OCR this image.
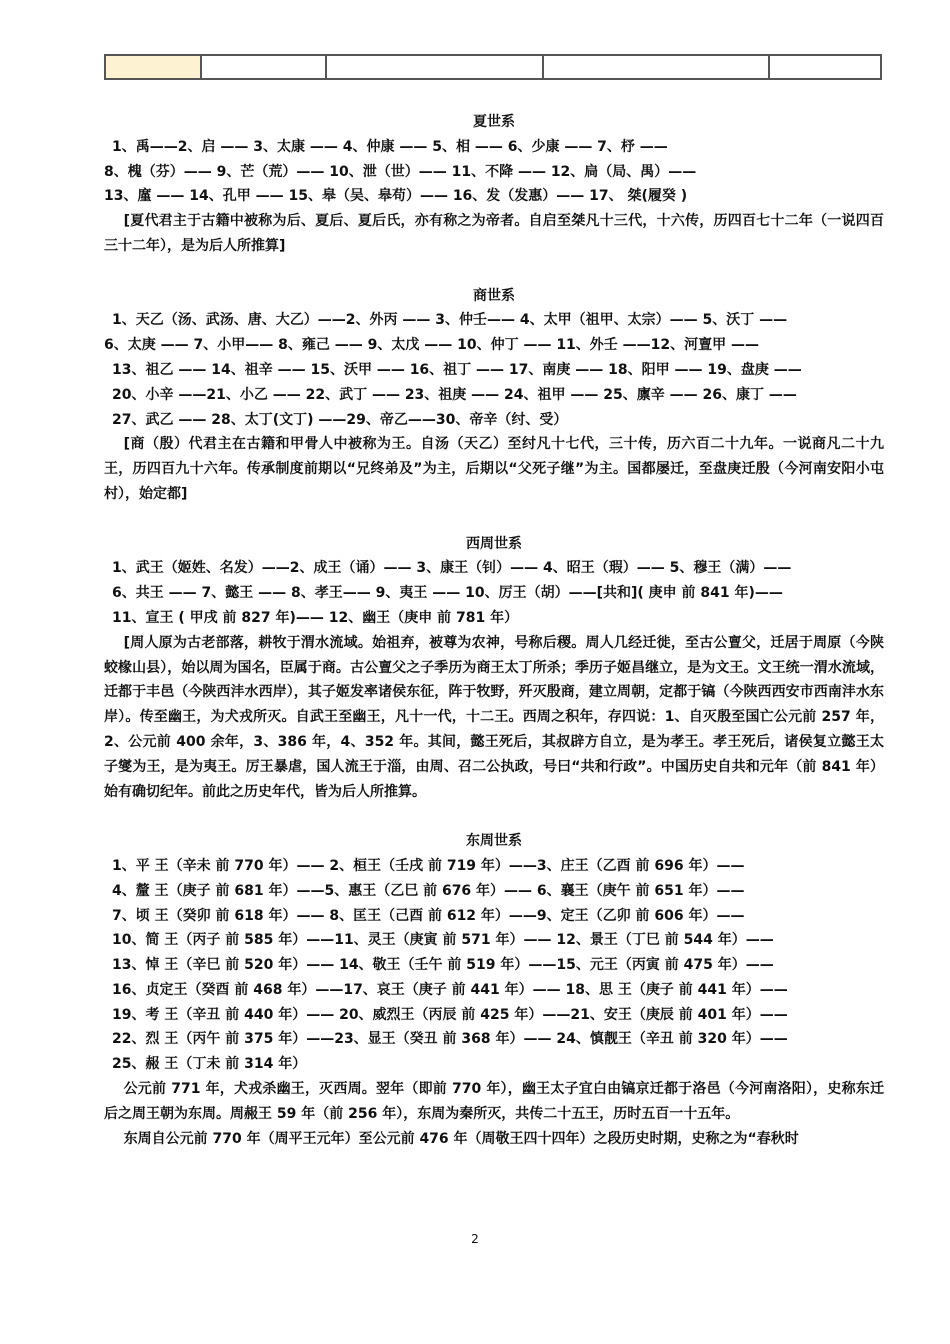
夏世系
1、禹——2、启 —— 3、太康 —— 4、仲康 —— 5、相 —— 6、少康 —— 7、杼 ——
8、槐（芬）—— 9、芒（荒）—— 10、泄（世）—— 11、不降 —— 12、扃（局、禺）——
13、廑 —— 14、孔甲 —— 15、皋（吴、皋苟）—— 16、发（发惠）—— 17、 桀(履癸 )

[夏代君主于古籍中被称为后、夏后、夏后氏，亦有称之为帝者。自启至桀凡十三代，十六传，历四百七十二年（一说四百三十二年），是为后人所推算]

商世系
1、天乙（汤、武汤、唐、大乙）——2、外丙 —— 3、仲壬—— 4、太甲（祖甲、太宗）—— 5、沃丁 ——
6、太庚 —— 7、小甲—— 8、雍己 —— 9、太戊 —— 10、仲丁 —— 11、外壬 ——12、河亶甲 ——
13、祖乙 —— 14、祖辛 —— 15、沃甲 —— 16、祖丁 —— 17、南庚 —— 18、阳甲 —— 19、盘庚 ——
20、小辛 ——21、小乙 —— 22、武丁 —— 23、祖庚 —— 24、祖甲 —— 25、廪辛 —— 26、康丁 ——
27、武乙 —— 28、太丁(文丁) ——29、帝乙——30、帝辛（纣、受）

[商（殷）代君主在古籍和甲骨人中被称为王。自汤（天乙）至纣凡十七代，三十传，历六百二十九年。一说商凡二十九王，历四百九十六年。传承制度前期以“兄终弟及”为主，后期以“父死子继”为主。国都屡迁，至盘庚迁殷（今河南安阳小屯村），始定都]

西周世系
1、武王（姬姓、名发）——2、成王（诵）—— 3、康王（钊）—— 4、昭王（瑕）—— 5、穆王（满）——
6、共王 —— 7、懿王 —— 8、孝王—— 9、夷王 —— 10、厉王（胡）——[共和]( 庚申 前 841 年)——
11、宣王 ( 甲戌 前 827 年)—— 12、幽王（庚申 前 781 年）

[周人原为古老部落，耕牧于渭水流域。始祖弃，被尊为农神，号称后稷。周人几经迁徙，至古公亶父，迁居于周原（今陕蛟椽山县），始以周为国名，臣属于商。古公亶父之子季历为商王太丁所杀；季历子姬昌继立，是为文王。文王统一渭水流域，迁都于丰邑（今陕西沣水西岸），其子姬发率诸侯东征，阵于牧野，歼灭殷商，建立周朝，定都于镐（今陕西西安市西南沣水东岸）。传至幽王，为犬戎所灭。自武王至幽王，凡十一代，十二王。西周之积年，存四说：1、自灭殷至国亡公元前 257 年，2、公元前 400 余年，3、386 年，4、352 年。其间，懿王死后，其叔辟方自立，是为孝王。孝王死后，诸侯复立懿王太子燮为王，是为夷王。厉王暴虐，国人流王于淄，由周、召二公执政，号曰“共和行政”。中国历史自共和元年（前 841 年）始有确切纪年。前此之历史年代，皆为后人所推算。

东周世系
1、平 王（辛未 前 770 年）—— 2、桓王（壬戌 前 719 年）——3、庄王（乙酉 前 696 年）——
4、釐 王（庚子 前 681 年）——5、惠王（乙巳 前 676 年）—— 6、襄王（庚午 前 651 年）——
7、顷 王（癸卯 前 618 年）—— 8、匡王（己酉 前 612 年）——9、定王（乙卯 前 606 年）——
10、简 王（丙子 前 585 年）——11、灵王（庚寅 前 571 年）—— 12、景王（丁巳 前 544 年）——
13、悼 王（辛巳 前 520 年）—— 14、敬王（壬午 前 519 年）——15、元王（丙寅 前 475 年）——
16、贞定王（癸酉 前 468 年）——17、哀王（庚子 前 441 年）—— 18、思 王（庚子 前 441 年）——
19、考 王（辛丑 前 440 年）—— 20、威烈王（丙辰 前 425 年）——21、安王（庚辰 前 401 年）——
22、烈 王（丙午 前 375 年）——23、显王（癸丑 前 368 年）—— 24、慎靓王（辛丑 前 320 年）——
25、赧 王（丁未 前 314 年）

公元前 771 年，犬戎杀幽王，灭西周。翌年（即前 770 年），幽王太子宜白由镐京迁都于洛邑（今河南洛阳），史称东迁后之周王朝为东周。周赧王 59 年（前 256 年），东周为秦所灭，共传二十五王，历时五百一十五年。

东周自公元前 770 年（周平王元年）至公元前 476 年（周敬王四十四年）之段历史时期，史称之为“春秋时

2
